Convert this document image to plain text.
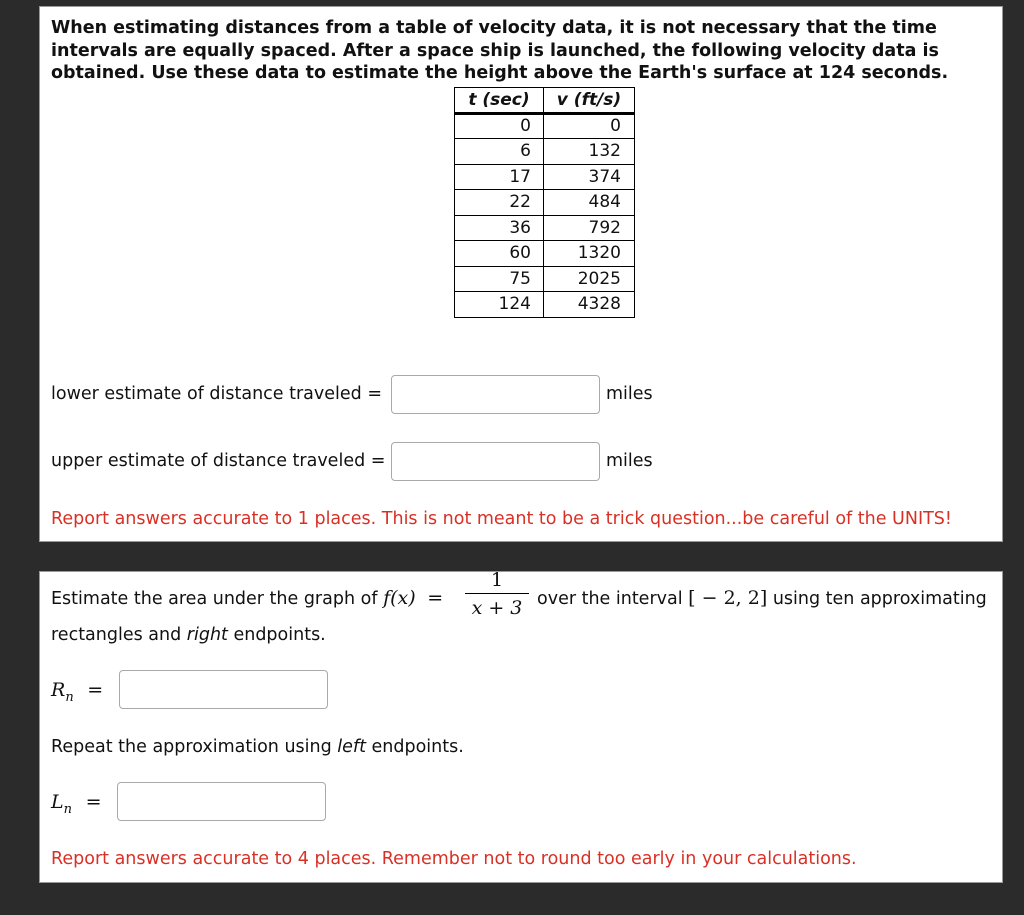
When estimating distances from a table of velocity data, it is not necessary that the time intervals are equally spaced. After a space ship is launched, the following velocity data is obtained. Use these data to estimate the height above the Earth's surface at 124 seconds.
t (sec)	v (ft/s)
0	0
6	132
17	374
22	484
36	792
60	1320
75	2025
124	4328
lower estimate of distance traveled =	miles
upper estimate of distance traveled =	miles
Report answers accurate to 1 places. This is not meant to be a trick question...be careful of the UNITS!
Estimate the area under the graph of f(x) =
1
x + 3 over the interval [ − 2, 2] using ten approximating
rectangles and right endpoints.
$R_n$ =
Repeat the approximation using left endpoints.
$L_n$ =
Report answers accurate to 4 places. Remember not to round too early in your calculations.
